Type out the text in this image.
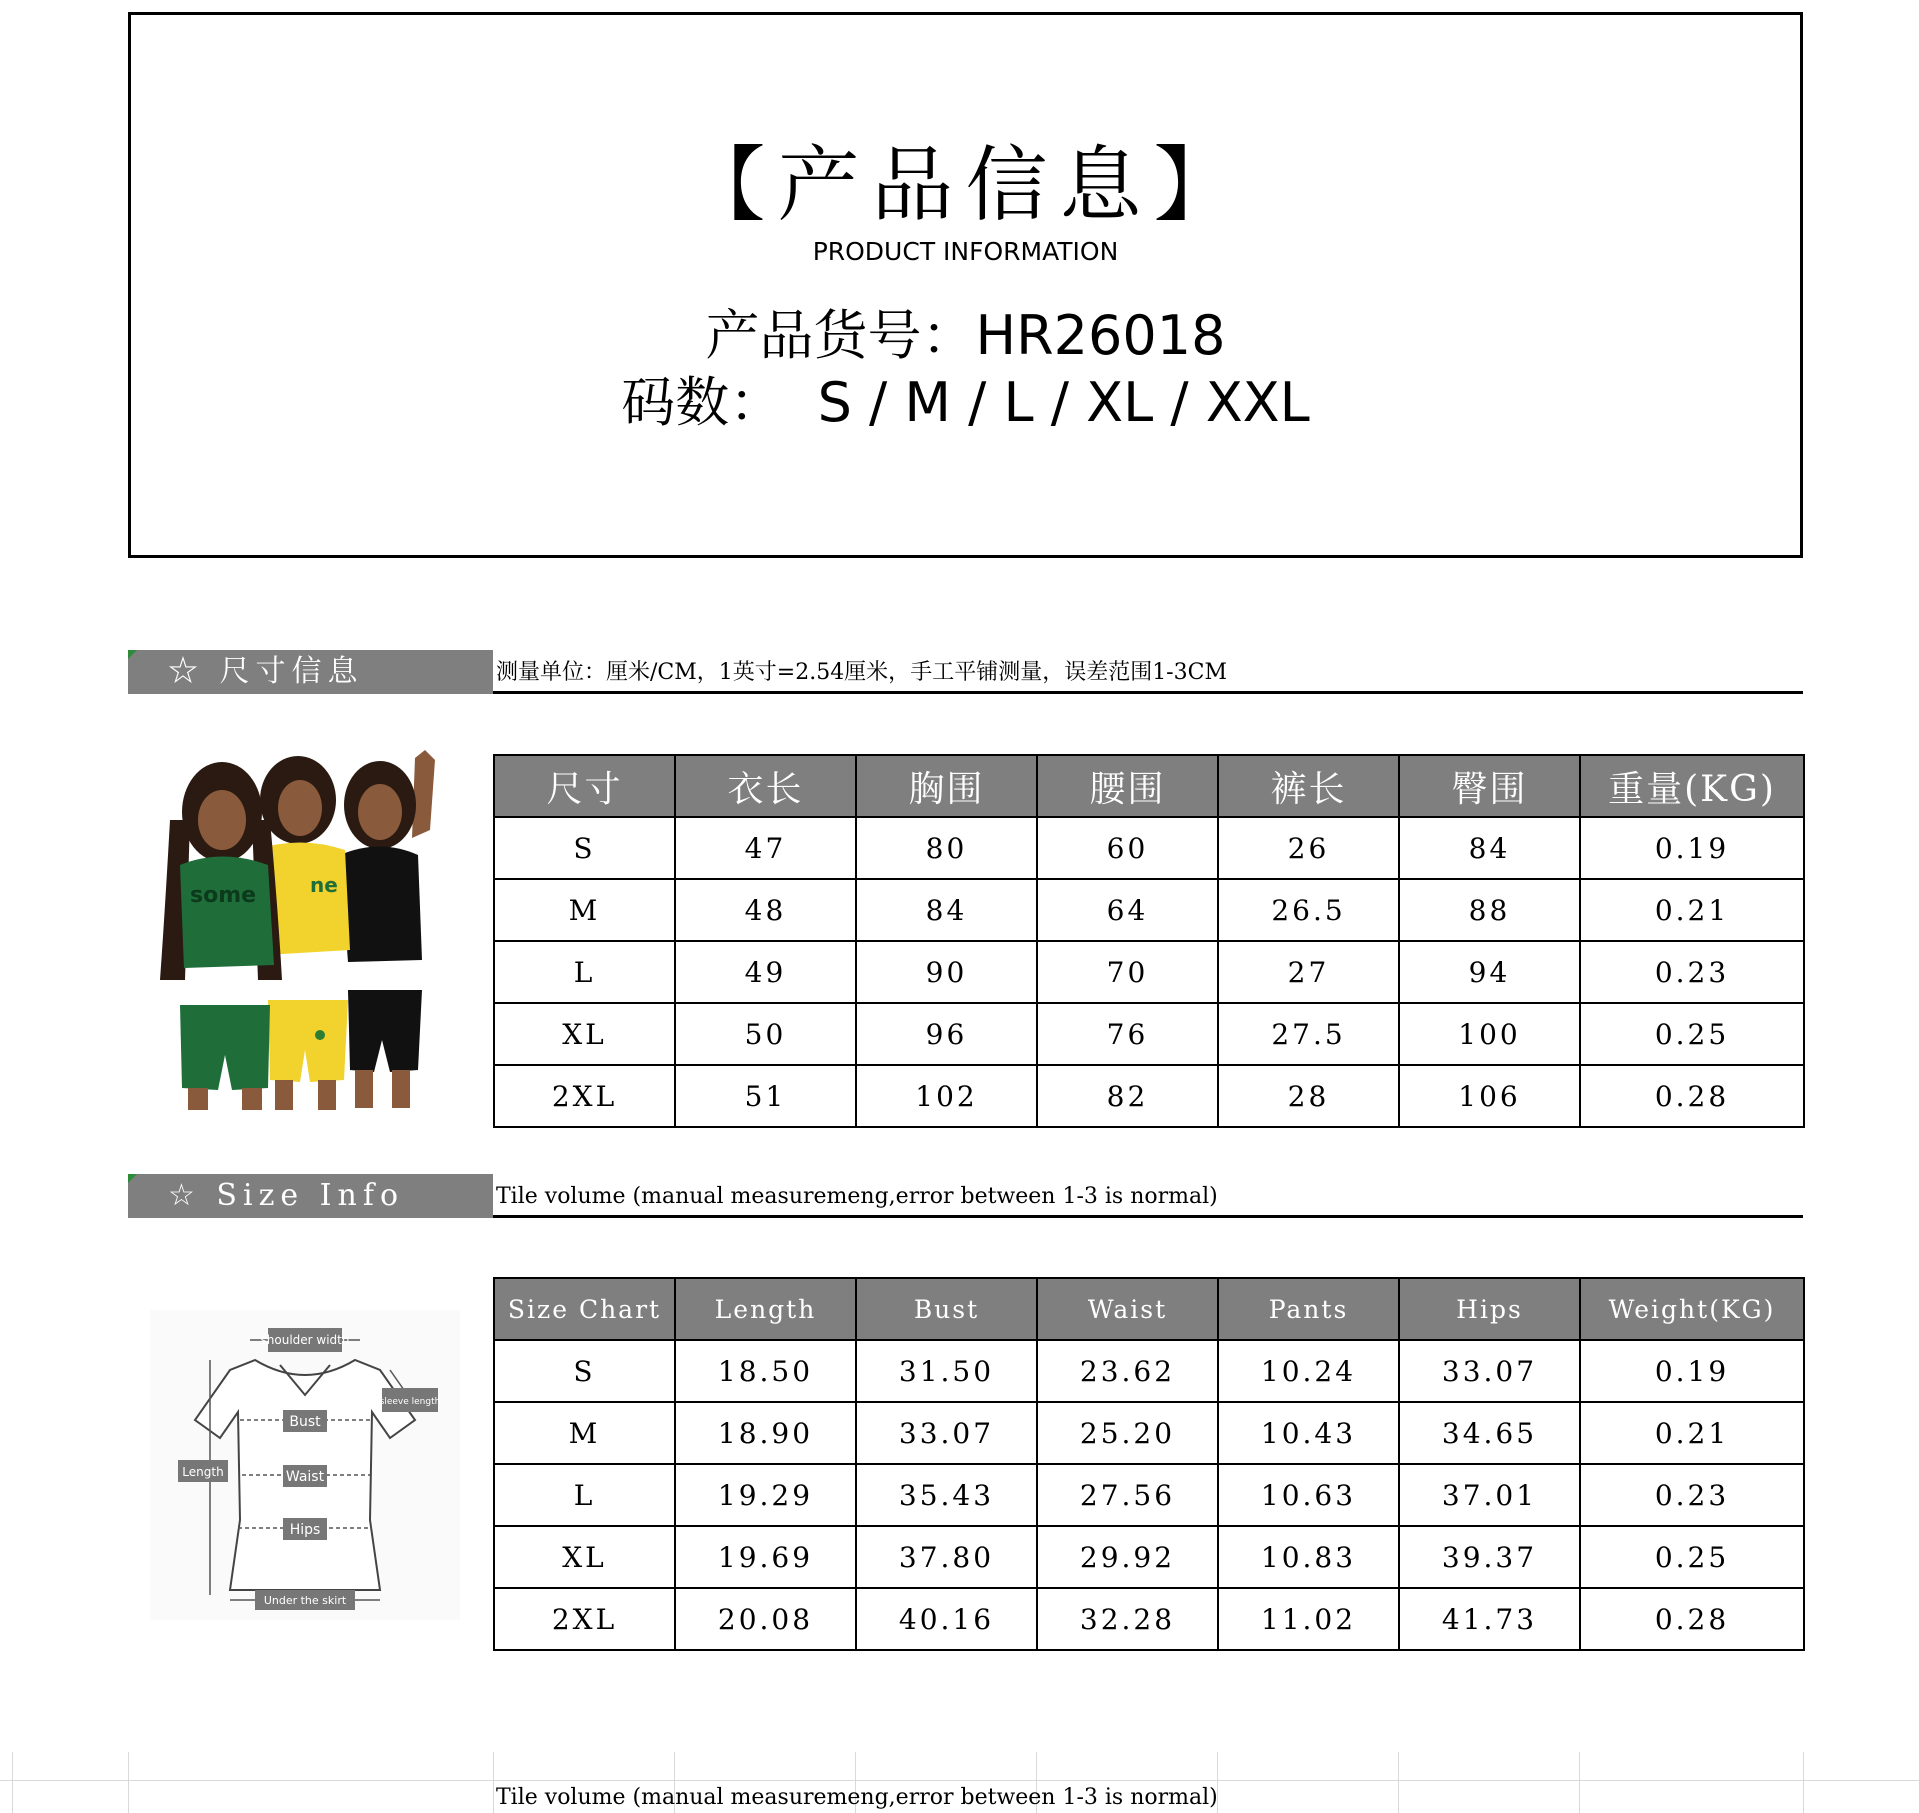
【产品信息】
PRODUCT INFORMATION
产品货号：HR26018
码数： S / M / L / XL / XXL
☆ 尺寸信息	测量单位：厘米/CM，1英寸=2.54厘米，手工平铺测量，误差范围1-3CM
ne
some
尺寸	衣长	胸围	腰围	裤长	臀围	重量(KG)
S	47	80	60	26	84	0.19
M	48	84	64	26.5	88	0.21
L	49	90	70	27	94	0.23
XL	50	96	76	27.5	100	0.25
2XL	51	102	82	28	106	0.28
☆ Size Info	Tile volume (manual measuremeng,error between 1-3 is normal)
shoulder width
sleeve length
Bust
Length	Waist
Hips
Under the skirt
Size Chart	Length	Bust	Waist	Pants	Hips	Weight(KG)
S	18.50	31.50	23.62	10.24	33.07	0.19
M	18.90	33.07	25.20	10.43	34.65	0.21
L	19.29	35.43	27.56	10.63	37.01	0.23
XL	19.69	37.80	29.92	10.83	39.37	0.25
2XL	20.08	40.16	32.28	11.02	41.73	0.28
Tile volume (manual measuremeng,error between 1-3 is normal)
